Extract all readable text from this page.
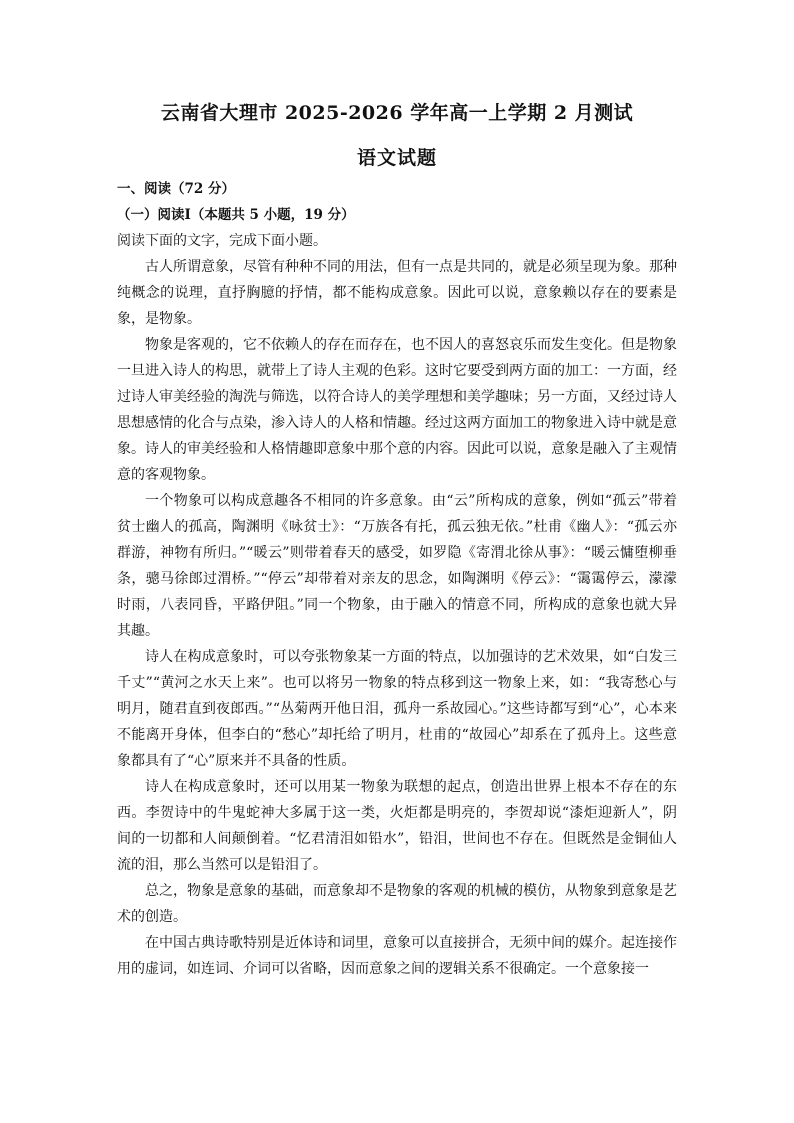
云南省大理市 2025-2026 学年高一上学期 2 月测试
语文试题

一、阅读（72 分）

（一）阅读Ⅰ（本题共 5 小题，19 分）

阅读下面的文字，完成下面小题。

古人所谓意象，尽管有种种不同的用法，但有一点是共同的，就是必须呈现为象。那种纯概念的说理，直抒胸臆的抒情，都不能构成意象。因此可以说，意象赖以存在的要素是象，是物象。

物象是客观的，它不依赖人的存在而存在，也不因人的喜怒哀乐而发生变化。但是物象一旦进入诗人的构思，就带上了诗人主观的色彩。这时它要受到两方面的加工：一方面，经过诗人审美经验的淘洗与筛选，以符合诗人的美学理想和美学趣味；另一方面，又经过诗人思想感情的化合与点染，渗入诗人的人格和情趣。经过这两方面加工的物象进入诗中就是意象。诗人的审美经验和人格情趣即意象中那个意的内容。因此可以说，意象是融入了主观情意的客观物象。

一个物象可以构成意趣各不相同的许多意象。由“云”所构成的意象，例如“孤云”带着贫士幽人的孤高，陶渊明《咏贫士》：“万族各有托，孤云独无依。”杜甫《幽人》：“孤云亦群游，神物有所归。”“暖云”则带着春天的感受，如罗隐《寄渭北徐从事》：“暖云慵堕柳垂条，骢马徐郎过渭桥。”“停云”却带着对亲友的思念，如陶渊明《停云》：“霭霭停云，濛濛时雨，八表同昏，平路伊阻。”同一个物象，由于融入的情意不同，所构成的意象也就大异其趣。

诗人在构成意象时，可以夸张物象某一方面的特点，以加强诗的艺术效果，如“白发三千丈”“黄河之水天上来”。也可以将另一物象的特点移到这一物象上来，如：“我寄愁心与明月，随君直到夜郎西。”“丛菊两开他日泪，孤舟一系故园心。”这些诗都写到“心”，心本来不能离开身体，但李白的“愁心”却托给了明月，杜甫的“故园心”却系在了孤舟上。这些意象都具有了“心”原来并不具备的性质。

诗人在构成意象时，还可以用某一物象为联想的起点，创造出世界上根本不存在的东西。李贺诗中的牛鬼蛇神大多属于这一类，火炬都是明亮的，李贺却说“漆炬迎新人”，阴间的一切都和人间颠倒着。“忆君清泪如铅水”，铅泪，世间也不存在。但既然是金铜仙人流的泪，那么当然可以是铅泪了。

总之，物象是意象的基础，而意象却不是物象的客观的机械的模仿，从物象到意象是艺术的创造。

在中国古典诗歌特别是近体诗和词里，意象可以直接拼合，无须中间的媒介。起连接作用的虚词，如连词、介词可以省略，因而意象之间的逻辑关系不很确定。一个意象接一
